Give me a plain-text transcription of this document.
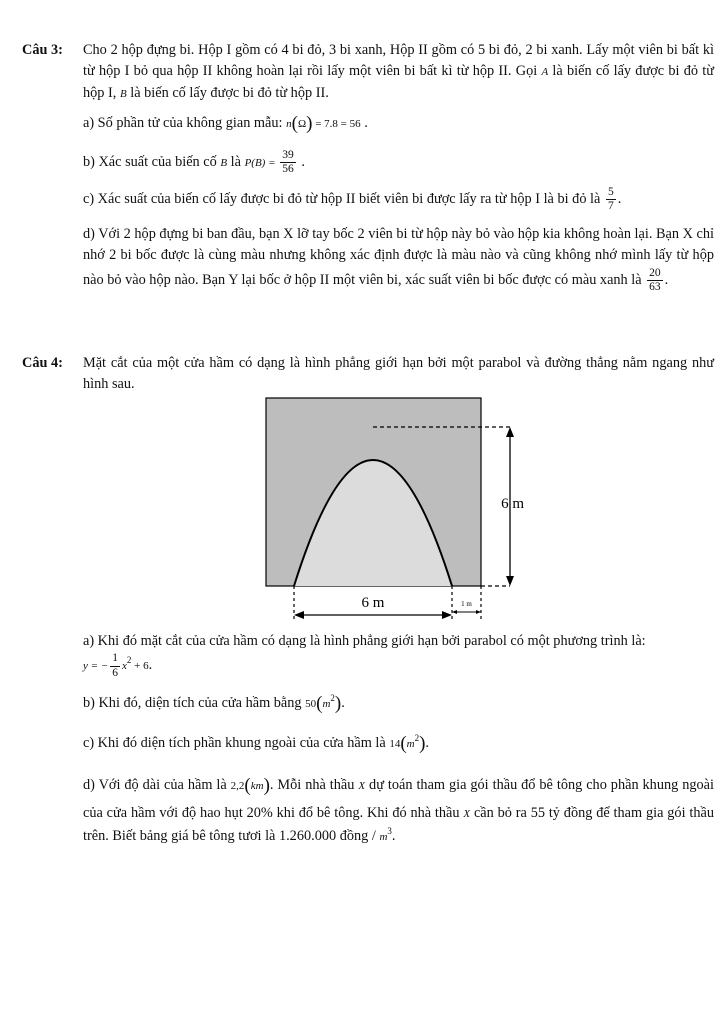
Câu 3: Cho 2 hộp đựng bi. Hộp I gồm có 4 bi đỏ, 3 bi xanh, Hộp II gồm có 5 bi đỏ, 2 bi xanh. Lấy một viên bi bất kì từ hộp I bỏ qua hộp II không hoàn lại rồi lấy một viên bi bất kì từ hộp II. Gọi A là biến cố lấy được bi đỏ từ hộp I, B là biến cố lấy được bi đỏ từ hộp II.

a) Số phần tử của không gian mẫu: n(Ω) = 7.8 = 56 .

b) Xác suất của biến cố B là $P(B) = \frac{39}{56}$ .

c) Xác suất của biến cố lấy được bi đỏ từ hộp II biết viên bi được lấy ra từ hộp I là bi đỏ là $\frac{5}{7}$ .

d) Với 2 hộp đựng bi ban đầu, bạn X lỡ tay bốc 2 viên bi từ hộp này bỏ vào hộp kia không hoàn lại. Bạn X chỉ nhớ 2 bi bốc được là cùng màu nhưng không xác định được là màu nào và cũng không nhớ mình lấy từ hộp nào bỏ vào hộp nào. Bạn Y lại bốc ở hộp II một viên bi, xác suất viên bi bốc được có màu xanh là $\frac{20}{63}$ .

Câu 4: Mặt cắt của một cửa hầm có dạng là hình phẳng giới hạn bởi một parabol và đường thẳng nằm ngang như hình sau.

6 m
6 m	1 m

a) Khi đó mặt cắt của cửa hầm có dạng là hình phẳng giới hạn bởi parabol có một phương trình là:

y = − $\frac{1}{6} x^2 + 6$.

b) Khi đó, diện tích của cửa hầm bằng $50(m^2)$.

c) Khi đó diện tích phần khung ngoài của cửa hầm là $14(m^2)$.

d) Với độ dài của hầm là 2,2(km). Mỗi nhà thầu X dự toán tham gia gói thầu đổ bê tông cho phần khung ngoài của cửa hầm với độ hao hụt 20% khi đổ bê tông. Khi đó nhà thầu X cần bỏ ra 55 tỷ đồng để tham gia gói thầu trên. Biết bảng giá bê tông tươi là 1.260.000 đồng / $m^3$.
